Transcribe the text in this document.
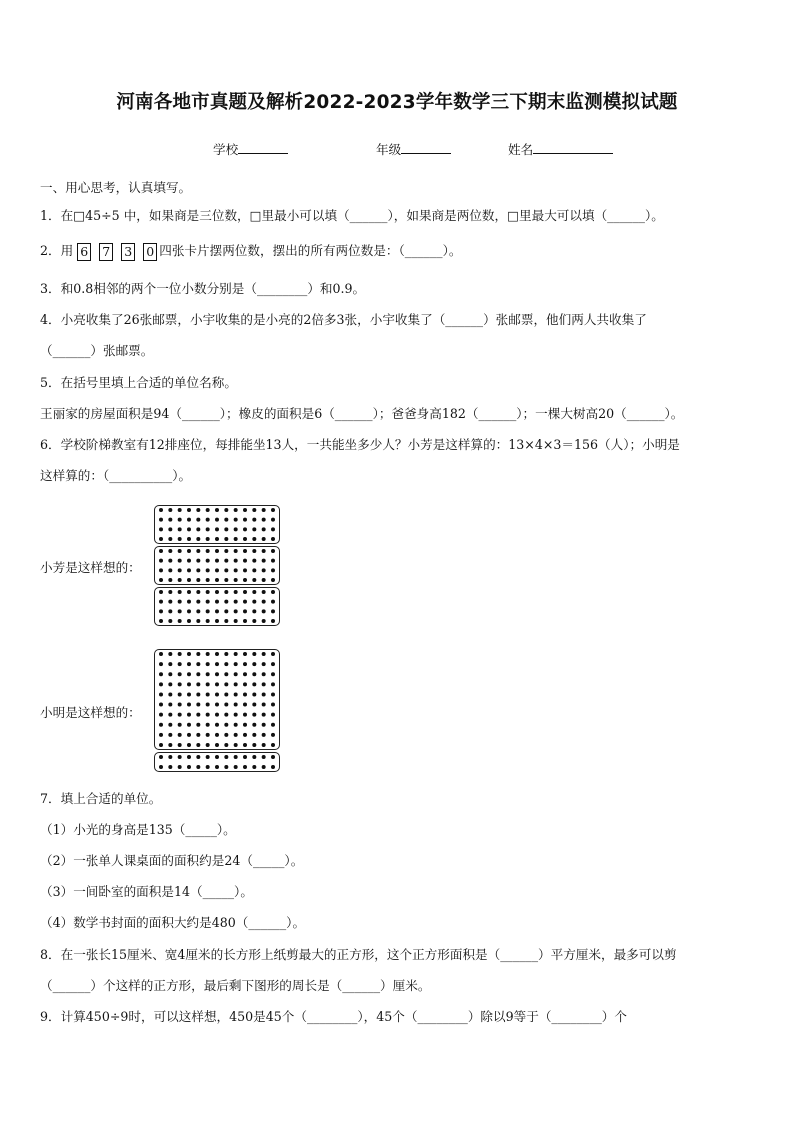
河南各地市真题及解析2022-2023学年数学三下期末监测模拟试题
学校	年级	姓名
一、用心思考，认真填写。
1．在□45÷5 中，如果商是三位数，□里最小可以填（______），如果商是两位数，□里最大可以填（______）。
2．用 6 7 3 0 四张卡片摆两位数，摆出的所有两位数是：（______）。
3．和0.8相邻的两个一位小数分别是（________）和0.9。
4．小亮收集了26张邮票，小宇收集的是小亮的2倍多3张，小宇收集了（______）张邮票，他们两人共收集了
（______）张邮票。
5．在括号里填上合适的单位名称。
王丽家的房屋面积是94（______）；橡皮的面积是6（______）；爸爸身高182（______）；一棵大树高20（______）。
6．学校阶梯教室有12排座位，每排能坐13人，一共能坐多少人？小芳是这样算的：13×4×3＝156（人）；小明是
这样算的：（__________）。
小芳是这样想的：
小明是这样想的：
7．填上合适的单位。
（1）小光的身高是135（_____）。
（2）一张单人课桌面的面积约是24（_____）。
（3）一间卧室的面积是14（_____）。
（4）数学书封面的面积大约是480（______）。
8．在一张长15厘米、宽4厘米的长方形上纸剪最大的正方形，这个正方形面积是（______）平方厘米，最多可以剪
（______）个这样的正方形，最后剩下图形的周长是（______）厘米。
9．计算450÷9时，可以这样想，450是45个（________），45个（________）除以9等于（________）个
